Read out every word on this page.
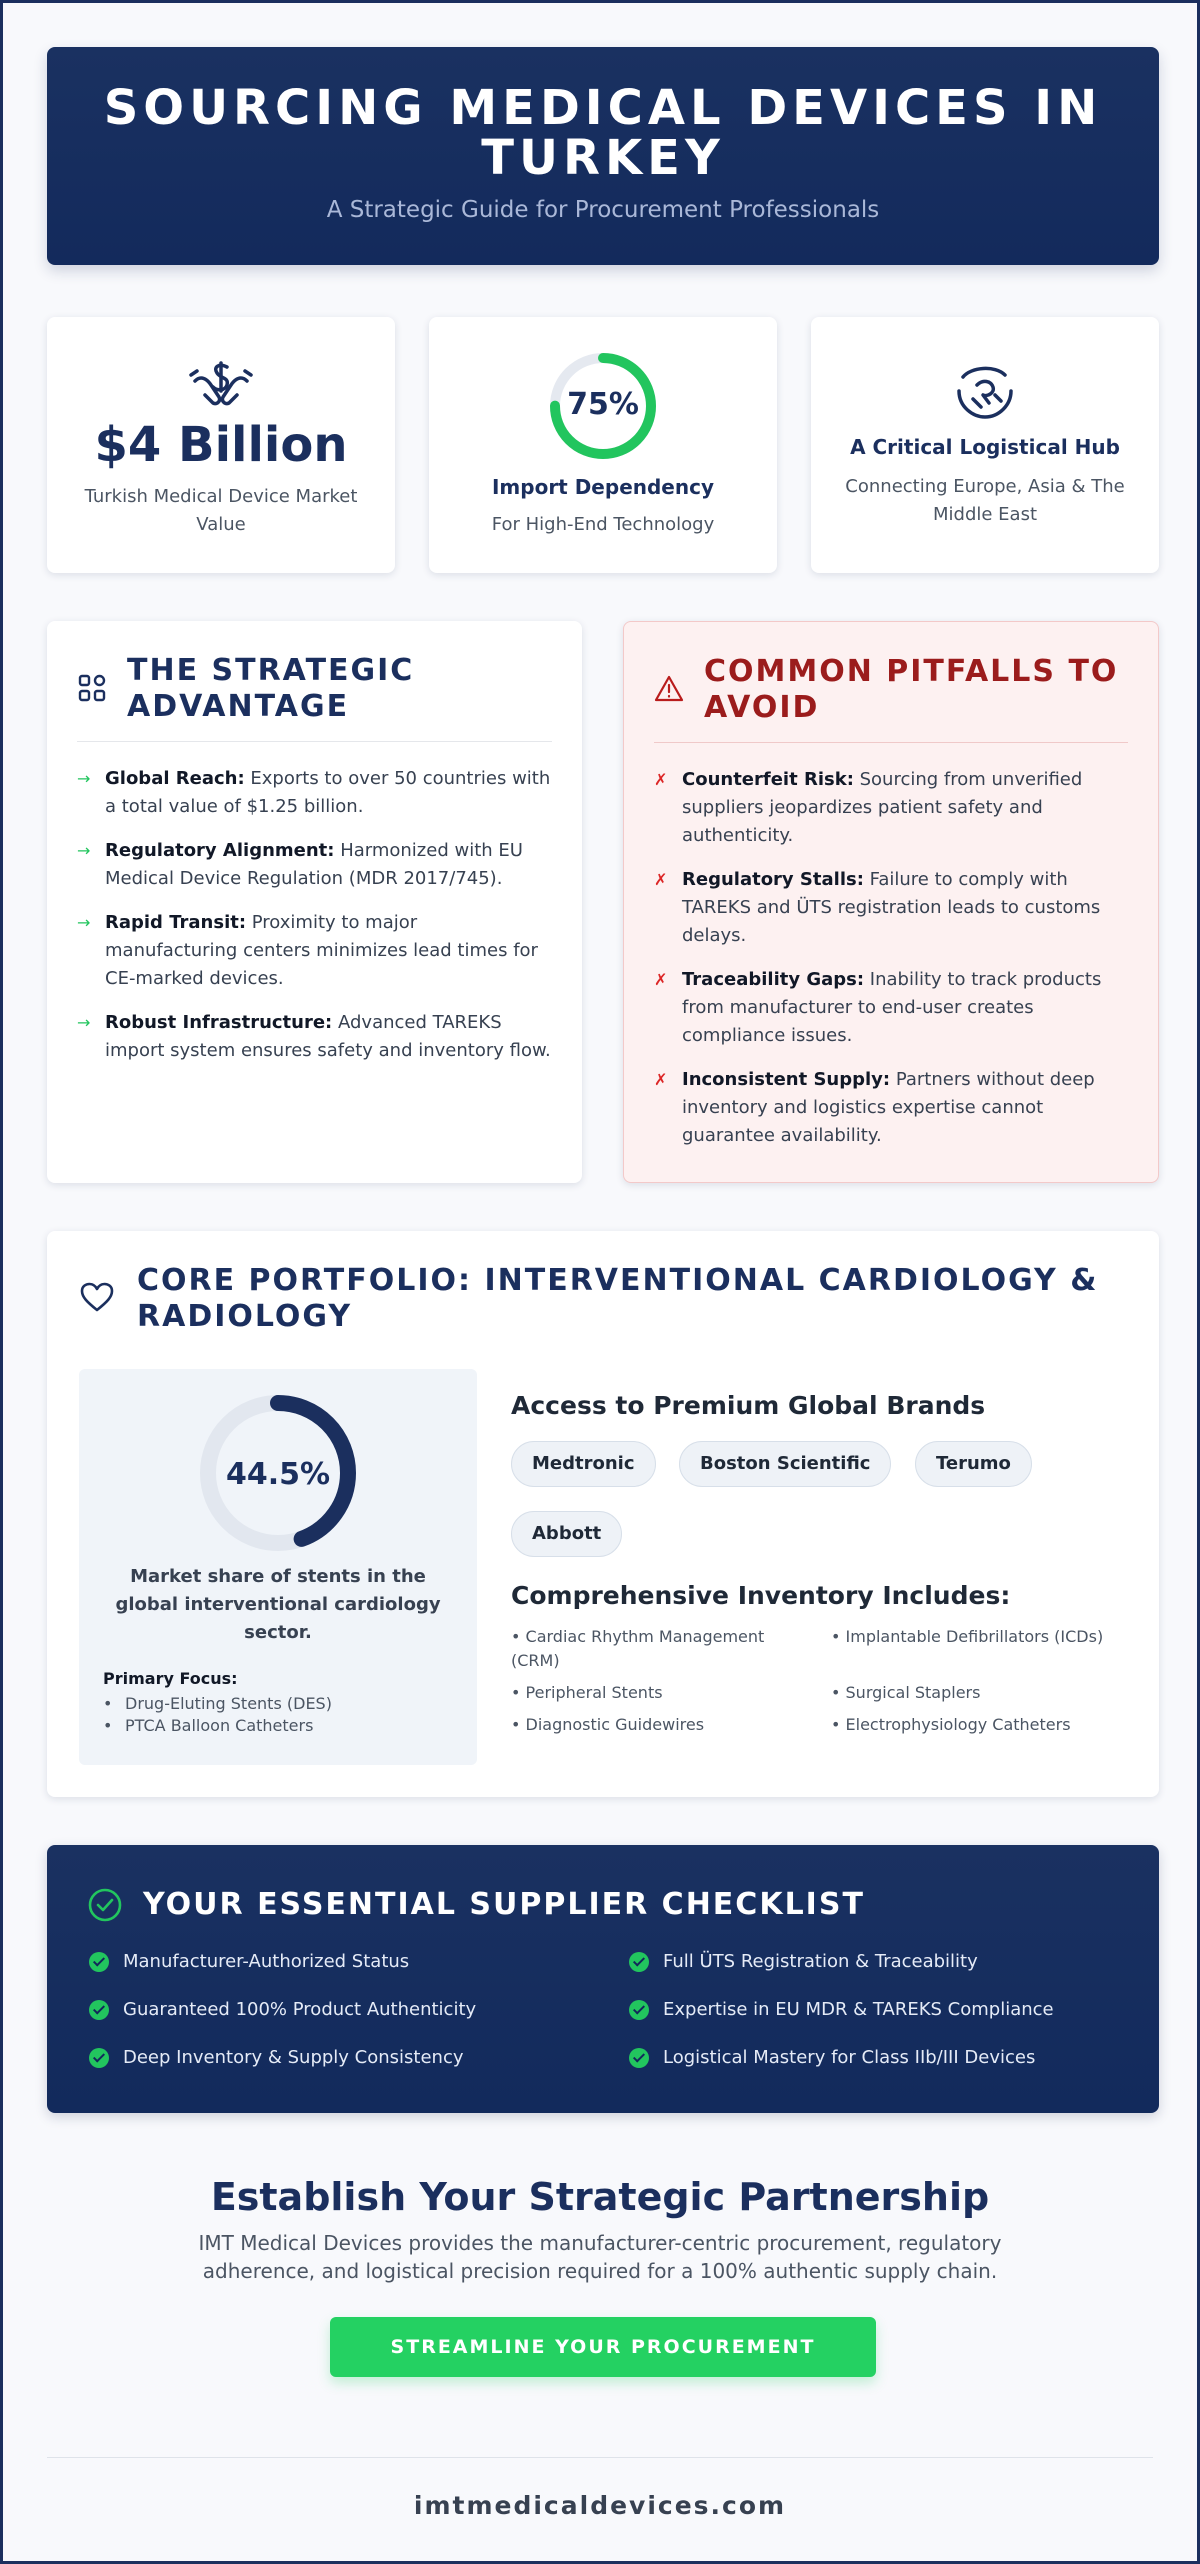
SOURCING MEDICAL DEVICES IN TURKEY
A Strategic Guide for Procurement Professionals
$4 Billion
Turkish Medical Device Market Value
75%
Import Dependency
For High-End Technology
A Critical Logistical Hub
Connecting Europe, Asia & The Middle East
THE STRATEGIC ADVANTAGE
→ Global Reach: Exports to over 50 countries with a total value of $1.25 billion.
→ Regulatory Alignment: Harmonized with EU Medical Device Regulation (MDR 2017/745).
→ Rapid Transit: Proximity to major manufacturing centers minimizes lead times for CE-marked devices.
→ Robust Infrastructure: Advanced TAREKS import system ensures safety and inventory flow.
COMMON PITFALLS TO AVOID
✗ Counterfeit Risk: Sourcing from unverified suppliers jeopardizes patient safety and authenticity.
✗ Regulatory Stalls: Failure to comply with TAREKS and ÜTS registration leads to customs delays.
✗ Traceability Gaps: Inability to track products from manufacturer to end-user creates compliance issues.
✗ Inconsistent Supply: Partners without deep inventory and logistics expertise cannot guarantee availability.
CORE PORTFOLIO: INTERVENTIONAL CARDIOLOGY & RADIOLOGY
44.5%
Market share of stents in the global interventional cardiology sector.
Primary Focus:
• Drug-Eluting Stents (DES)
• PTCA Balloon Catheters
Access to Premium Global Brands
Medtronic	Boston Scientific	Terumo
Abbott
Comprehensive Inventory Includes:
• Cardiac Rhythm Management (CRM)
• Implantable Defibrillators (ICDs)
• Peripheral Stents	• Surgical Staplers
• Diagnostic Guidewires	• Electrophysiology Catheters
YOUR ESSENTIAL SUPPLIER CHECKLIST
Manufacturer-Authorized Status	Full ÜTS Registration & Traceability
Guaranteed 100% Product Authenticity	Expertise in EU MDR & TAREKS Compliance
Deep Inventory & Supply Consistency	Logistical Mastery for Class IIb/III Devices
Establish Your Strategic Partnership
IMT Medical Devices provides the manufacturer-centric procurement, regulatory adherence, and logistical precision required for a 100% authentic supply chain.
STREAMLINE YOUR PROCUREMENT
imtmedicaldevices.com
